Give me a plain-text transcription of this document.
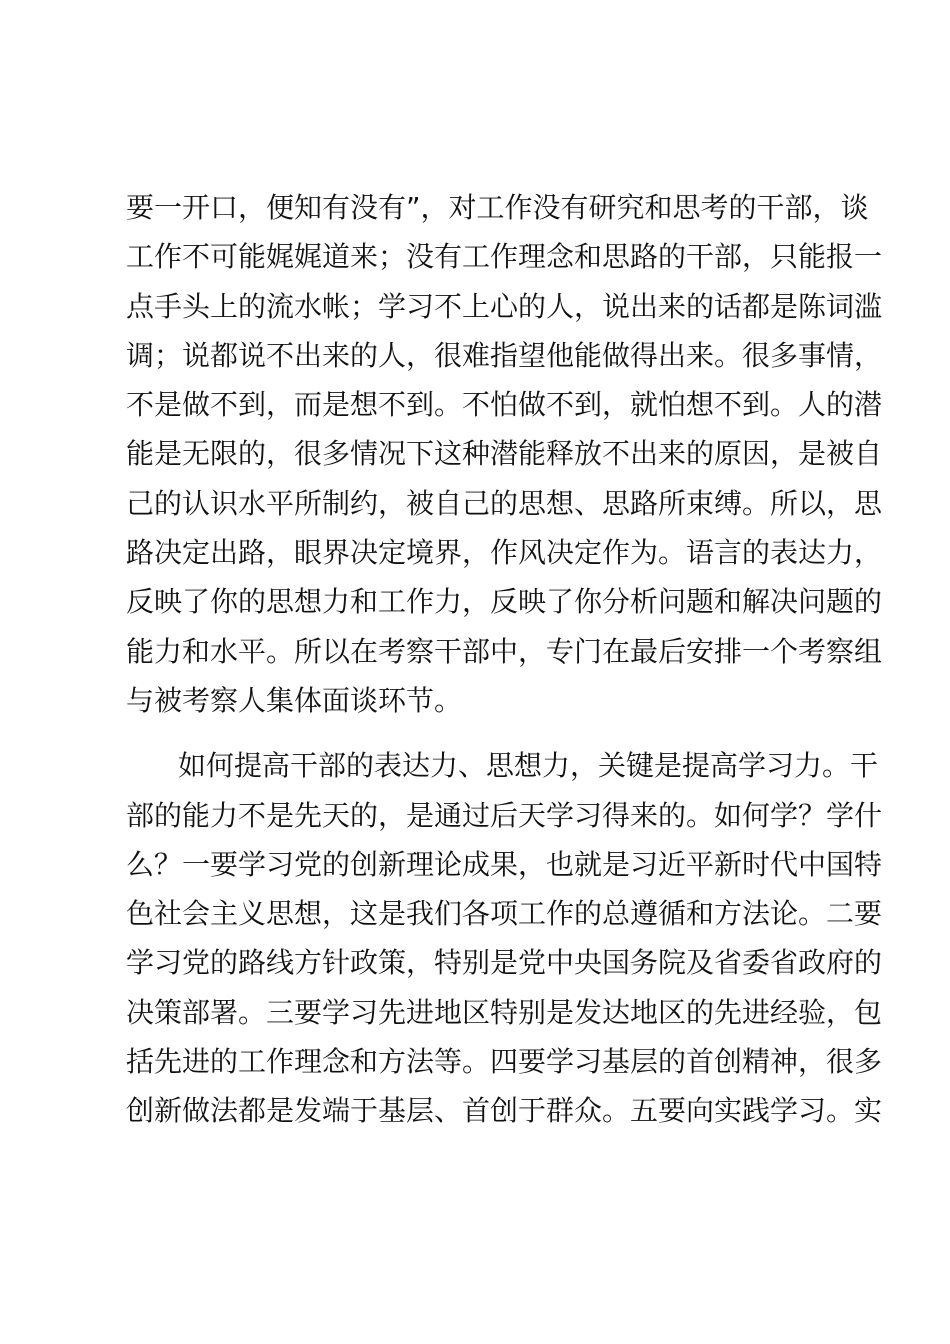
要一开口，便知有没有”，对工作没有研究和思考的干部，谈
工作不可能娓娓道来；没有工作理念和思路的干部，只能报一
点手头上的流水帐；学习不上心的人，说出来的话都是陈词滥
调；说都说不出来的人，很难指望他能做得出来。很多事情，
不是做不到，而是想不到。不怕做不到，就怕想不到。人的潜
能是无限的，很多情况下这种潜能释放不出来的原因，是被自
己的认识水平所制约，被自己的思想、思路所束缚。所以，思
路决定出路，眼界决定境界，作风决定作为。语言的表达力，
反映了你的思想力和工作力，反映了你分析问题和解决问题的
能力和水平。所以在考察干部中，专门在最后安排一个考察组
与被考察人集体面谈环节。
如何提高干部的表达力、思想力，关键是提高学习力。干
部的能力不是先天的，是通过后天学习得来的。如何学？学什
么？一要学习党的创新理论成果，也就是习近平新时代中国特
色社会主义思想，这是我们各项工作的总遵循和方法论。二要
学习党的路线方针政策，特别是党中央国务院及省委省政府的
决策部署。三要学习先进地区特别是发达地区的先进经验，包
括先进的工作理念和方法等。四要学习基层的首创精神，很多
创新做法都是发端于基层、首创于群众。五要向实践学习。实
